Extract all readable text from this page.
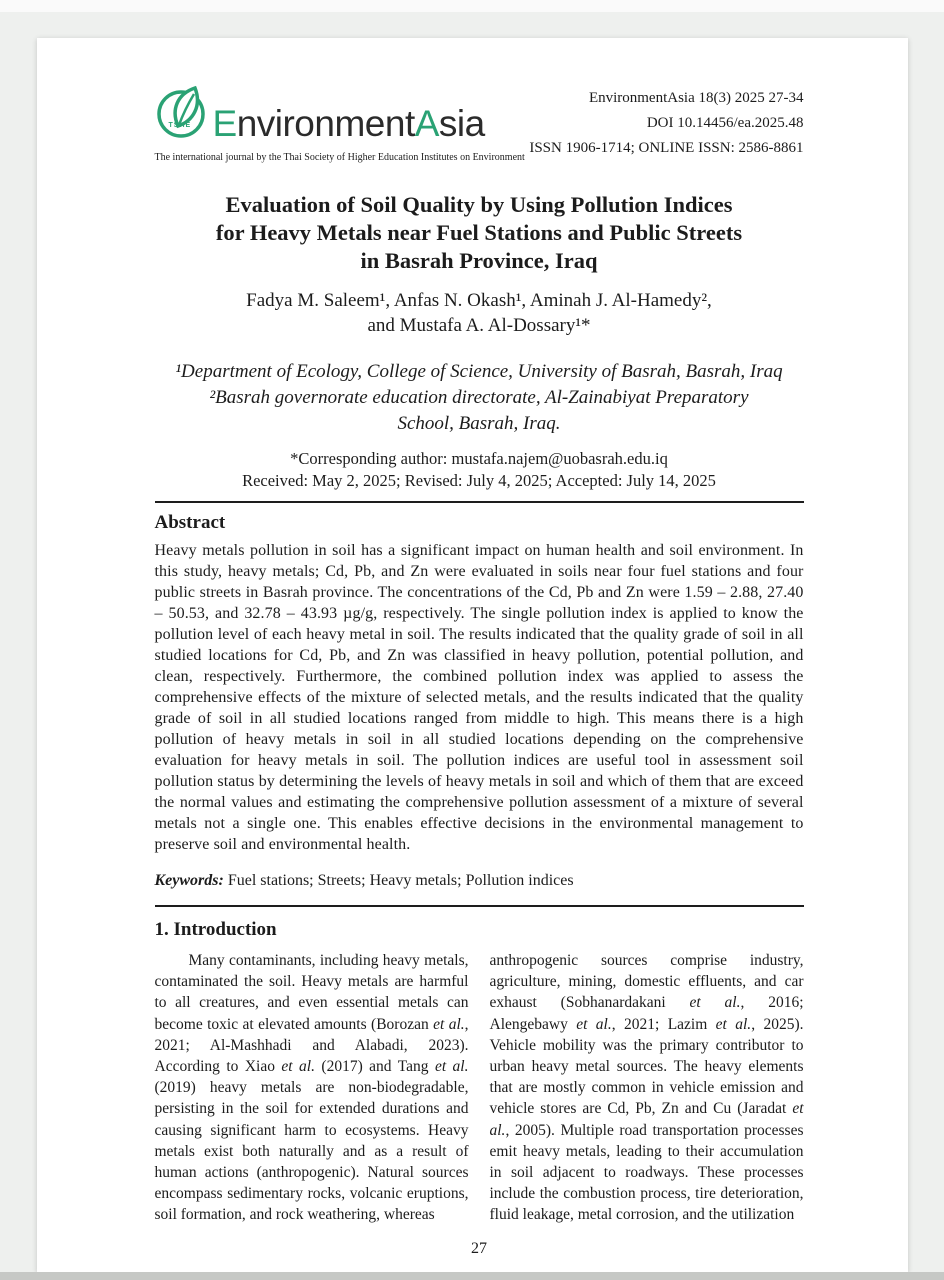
TSHE EnvironmentAsia
The international journal by the Thai Society of Higher Education Institutes on Environment
EnvironmentAsia 18(3) 2025 27-34
DOI 10.14456/ea.2025.48
ISSN 1906-1714; ONLINE ISSN: 2586-8861
Evaluation of Soil Quality by Using Pollution Indices
for Heavy Metals near Fuel Stations and Public Streets
in Basrah Province, Iraq
Fadya M. Saleem¹, Anfas N. Okash¹, Aminah J. Al-Hamedy²,
and Mustafa A. Al-Dossary¹*
¹Department of Ecology, College of Science, University of Basrah, Basrah, Iraq
²Basrah governorate education directorate, Al-Zainabiyat Preparatory
School, Basrah, Iraq.
*Corresponding author: mustafa.najem@uobasrah.edu.iq
Received: May 2, 2025; Revised: July 4, 2025; Accepted: July 14, 2025
Abstract
Heavy metals pollution in soil has a significant impact on human health and soil environment. In this study, heavy metals; Cd, Pb, and Zn were evaluated in soils near four fuel stations and four public streets in Basrah province. The concentrations of the Cd, Pb and Zn were 1.59 – 2.88, 27.40 – 50.53, and 32.78 – 43.93 µg/g, respectively. The single pollution index is applied to know the pollution level of each heavy metal in soil. The results indicated that the quality grade of soil in all studied locations for Cd, Pb, and Zn was classified in heavy pollution, potential pollution, and clean, respectively. Furthermore, the combined pollution index was applied to assess the comprehensive effects of the mixture of selected metals, and the results indicated that the quality grade of soil in all studied locations ranged from middle to high. This means there is a high pollution of heavy metals in soil in all studied locations depending on the comprehensive evaluation for heavy metals in soil. The pollution indices are useful tool in assessment soil pollution status by determining the levels of heavy metals in soil and which of them that are exceed the normal values and estimating the comprehensive pollution assessment of a mixture of several metals not a single one. This enables effective decisions in the environmental management to preserve soil and environmental health.
Keywords: Fuel stations; Streets; Heavy metals; Pollution indices
1. Introduction
Many contaminants, including heavy metals, contaminated the soil. Heavy metals are harmful to all creatures, and even essential metals can become toxic at elevated amounts (Borozan et al., 2021; Al-Mashhadi and Alabadi, 2023). According to Xiao et al. (2017) and Tang et al. (2019) heavy metals are non-biodegradable, persisting in the soil for extended durations and causing significant harm to ecosystems. Heavy metals exist both naturally and as a result of human actions (anthropogenic). Natural sources encompass sedimentary rocks, volcanic eruptions, soil formation, and rock weathering, whereas
anthropogenic sources comprise industry, agriculture, mining, domestic effluents, and car exhaust (Sobhanardakani et al., 2016; Alengebawy et al., 2021; Lazim et al., 2025). Vehicle mobility was the primary contributor to urban heavy metal sources. The heavy elements that are mostly common in vehicle emission and vehicle stores are Cd, Pb, Zn and Cu (Jaradat et al., 2005). Multiple road transportation processes emit heavy metals, leading to their accumulation in soil adjacent to roadways. These processes include the combustion process, tire deterioration, fluid leakage, metal corrosion, and the utilization
27
